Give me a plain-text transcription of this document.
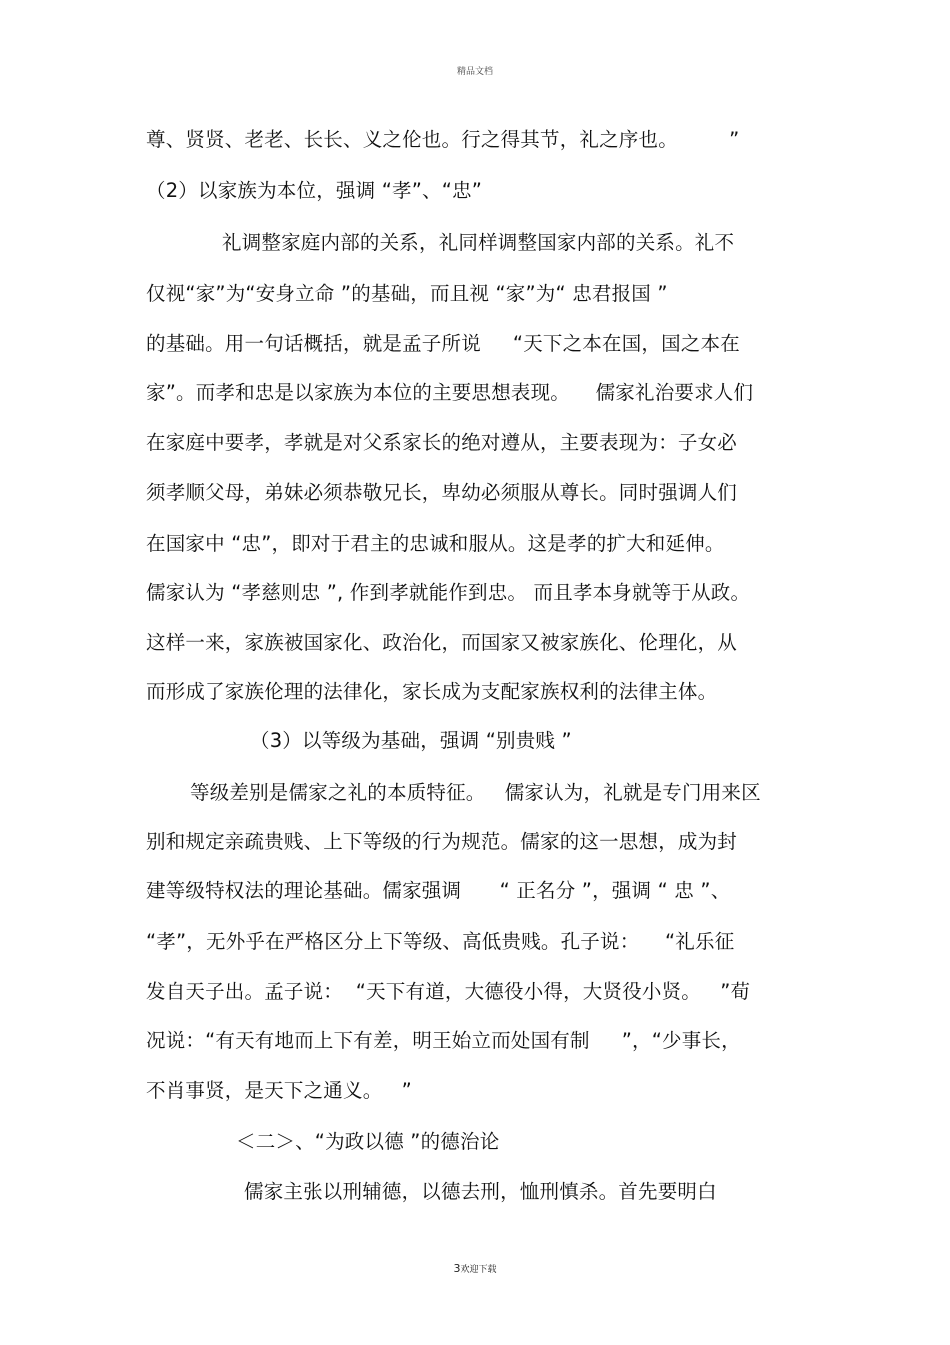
精品文档
尊、贤贤、老老、长长、义之伦也。行之得其节，礼之序也。        ”
（2）以家族为本位，强调 “孝”、“忠”
礼调整家庭内部的关系，礼同样调整国家内部的关系。礼不
仅视“家”为“安身立命 ”的基础，而且视 “家”为“ 忠君报国 ”
的基础。用一句话概括，就是孟子所说     “天下之本在国，国之本在
家”。而孝和忠是以家族为本位的主要思想表现。    儒家礼治要求人们
在家庭中要孝，孝就是对父系家长的绝对遵从，主要表现为：子女必
须孝顺父母，弟妹必须恭敬兄长，卑幼必须服从尊长。同时强调人们
在国家中 “忠”，即对于君主的忠诚和服从。这是孝的扩大和延伸。
儒家认为 “孝慈则忠 ”, 作到孝就能作到忠。 而且孝本身就等于从政。
这样一来，家族被国家化、政治化，而国家又被家族化、伦理化，从
而形成了家族伦理的法律化，家长成为支配家族权利的法律主体。
（3）以等级为基础，强调 “别贵贱 ”
等级差别是儒家之礼的本质特征。   儒家认为，礼就是专门用来区
别和规定亲疏贵贱、上下等级的行为规范。儒家的这一思想，成为封
建等级特权法的理论基础。儒家强调      “ 正名分 ”，强调 “ 忠 ”、
“孝”，无外乎在严格区分上下等级、高低贵贱。孔子说：    “礼乐征
发自天子出。孟子说：  “天下有道，大德役小得，大贤役小贤。   ”荀
况说：“有天有地而上下有差，明王始立而处国有制     ”，“少事长，
不肖事贤，是天下之通义。   ”
＜二＞、“为政以德 ”的德治论
儒家主张以刑辅德，以德去刑，恤刑慎杀。首先要明白
3欢迎下载
